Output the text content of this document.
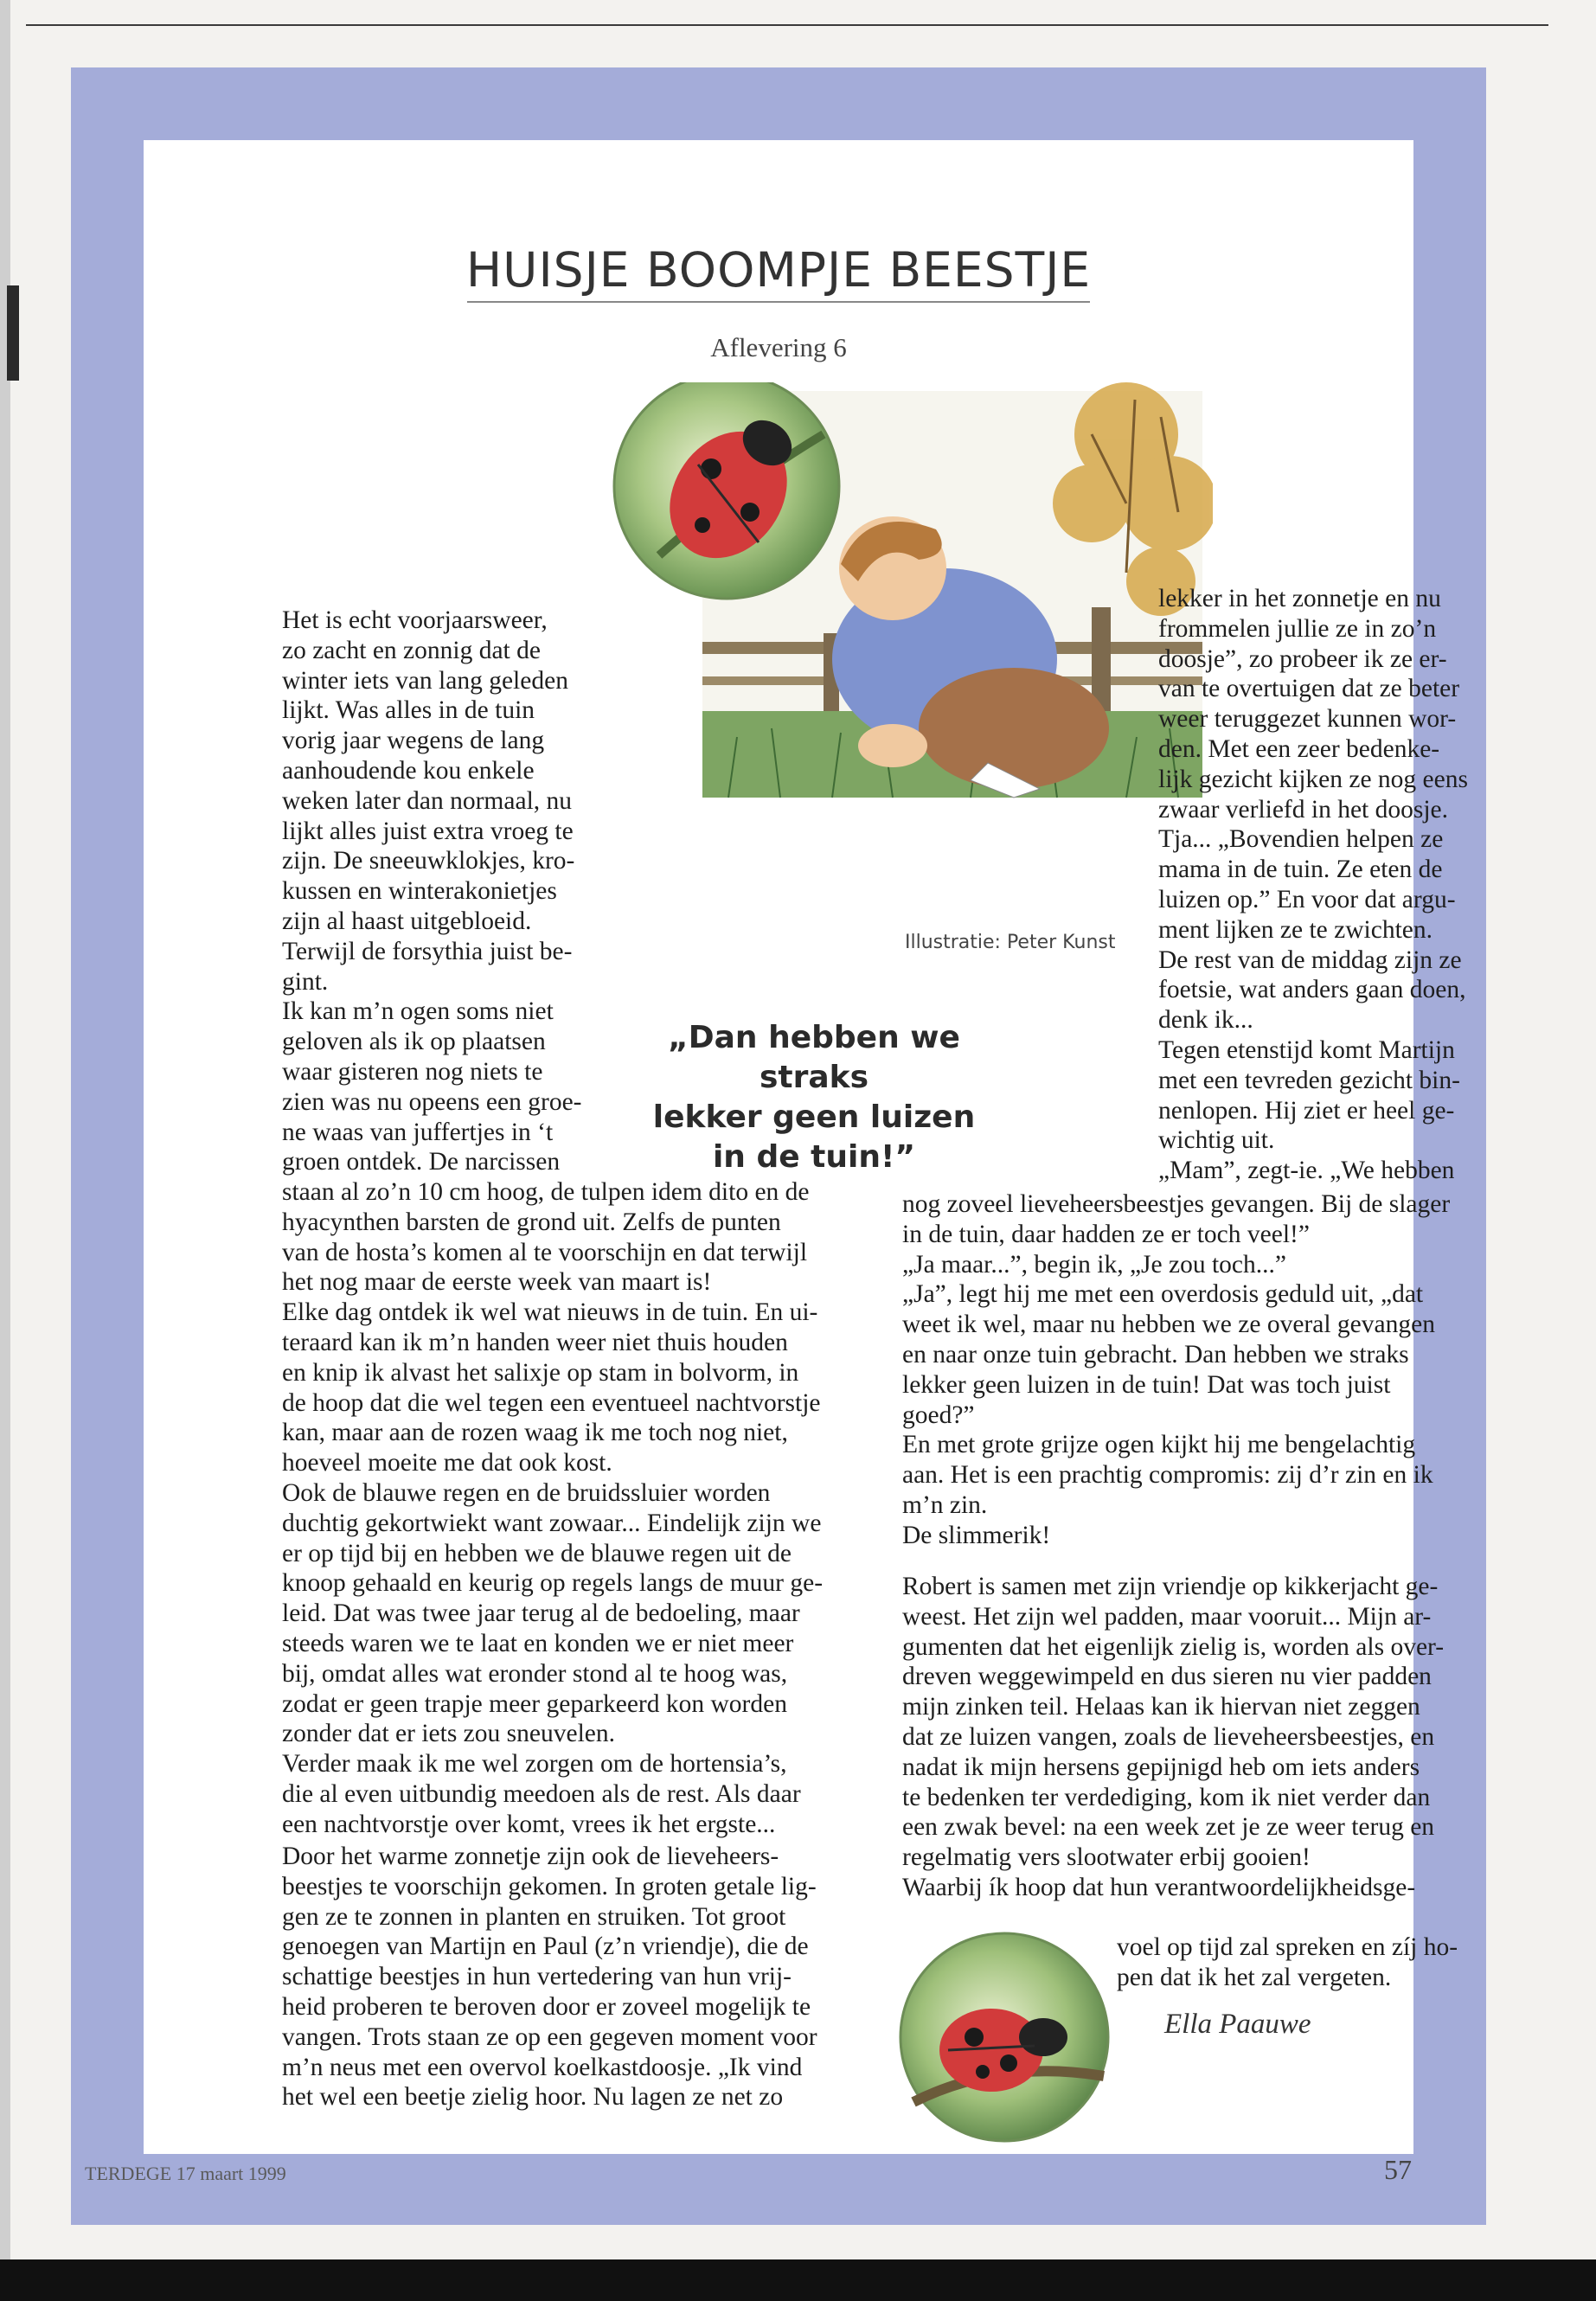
HUISJE BOOMPJE BEESTJE
Aflevering 6
Illustratie: Peter Kunst
„Dan hebben we straks
lekker geen luizen
in de tuin!”

Het is echt voorjaarsweer,

zo zacht en zonnig dat de

winter iets van lang geleden

lijkt. Was alles in de tuin

vorig jaar wegens de lang

aanhoudende kou enkele

weken later dan normaal, nu

lijkt alles juist extra vroeg te

zijn. De sneeuwklokjes, kro-

kussen en winterakonietjes

zijn al haast uitgebloeid.

Terwijl de forsythia juist be-

gint.

Ik kan m’n ogen soms niet

geloven als ik op plaatsen

waar gisteren nog niets te

zien was nu opeens een groe-

ne waas van juffertjes in ‘t

groen ontdek. De narcissen

staan al zo’n 10 cm hoog, de tulpen idem dito en de

hyacynthen barsten de grond uit. Zelfs de punten

van de hosta’s komen al te voorschijn en dat terwijl

het nog maar de eerste week van maart is!

Elke dag ontdek ik wel wat nieuws in de tuin. En ui-

teraard kan ik m’n handen weer niet thuis houden

en knip ik alvast het salixje op stam in bolvorm, in

de hoop dat die wel tegen een eventueel nachtvorstje

kan, maar aan de rozen waag ik me toch nog niet,

hoeveel moeite me dat ook kost.

Ook de blauwe regen en de bruidssluier worden

duchtig gekortwiekt want zowaar... Eindelijk zijn we

er op tijd bij en hebben we de blauwe regen uit de

knoop gehaald en keurig op regels langs de muur ge-

leid. Dat was twee jaar terug al de bedoeling, maar

steeds waren we te laat en konden we er niet meer

bij, omdat alles wat eronder stond al te hoog was,

zodat er geen trapje meer geparkeerd kon worden

zonder dat er iets zou sneuvelen.

Verder maak ik me wel zorgen om de hortensia’s,

die al even uitbundig meedoen als de rest. Als daar

een nachtvorstje over komt, vrees ik het ergste...

Door het warme zonnetje zijn ook de lieveheers-

beestjes te voorschijn gekomen. In groten getale lig-

gen ze te zonnen in planten en struiken. Tot groot

genoegen van Martijn en Paul (z’n vriendje), die de

schattige beestjes in hun vertedering van hun vrij-

heid proberen te beroven door er zoveel mogelijk te

vangen. Trots staan ze op een gegeven moment voor

m’n neus met een overvol koelkastdoosje. „Ik vind

het wel een beetje zielig hoor. Nu lagen ze net zo

lekker in het zonnetje en nu

frommelen jullie ze in zo’n

doosje”, zo probeer ik ze er-

van te overtuigen dat ze beter

weer teruggezet kunnen wor-

den. Met een zeer bedenke-

lijk gezicht kijken ze nog eens

zwaar verliefd in het doosje.

Tja... „Bovendien helpen ze

mama in de tuin. Ze eten de

luizen op.” En voor dat argu-

ment lijken ze te zwichten.

De rest van de middag zijn ze

foetsie, wat anders gaan doen,

denk ik...

Tegen etenstijd komt Martijn

met een tevreden gezicht bin-

nenlopen. Hij ziet er heel ge-

wichtig uit.

„Mam”, zegt-ie. „We hebben

nog zoveel lieveheersbeestjes gevangen. Bij de slager

in de tuin, daar hadden ze er toch veel!”

„Ja maar...”, begin ik, „Je zou toch...”

„Ja”, legt hij me met een overdosis geduld uit, „dat

weet ik wel, maar nu hebben we ze overal gevangen

en naar onze tuin gebracht. Dan hebben we straks

lekker geen luizen in de tuin! Dat was toch juist

goed?”

En met grote grijze ogen kijkt hij me bengelachtig

aan. Het is een prachtig compromis: zij d’r zin en ik

m’n zin.

De slimmerik!

Robert is samen met zijn vriendje op kikkerjacht ge-

weest. Het zijn wel padden, maar vooruit... Mijn ar-

gumenten dat het eigenlijk zielig is, worden als over-

dreven weggewimpeld en dus sieren nu vier padden

mijn zinken teil. Helaas kan ik hiervan niet zeggen

dat ze luizen vangen, zoals de lieveheersbeestjes, en

nadat ik mijn hersens gepijnigd heb om iets anders

te bedenken ter verdediging, kom ik niet verder dan

een zwak bevel: na een week zet je ze weer terug en

regelmatig vers slootwater erbij gooien!

Waarbij ík hoop dat hun verantwoordelijkheidsge-

voel op tijd zal spreken en zíj ho-

pen dat ik het zal vergeten.

Ella Paauwe
TERDEGE 17 maart 1999	57
